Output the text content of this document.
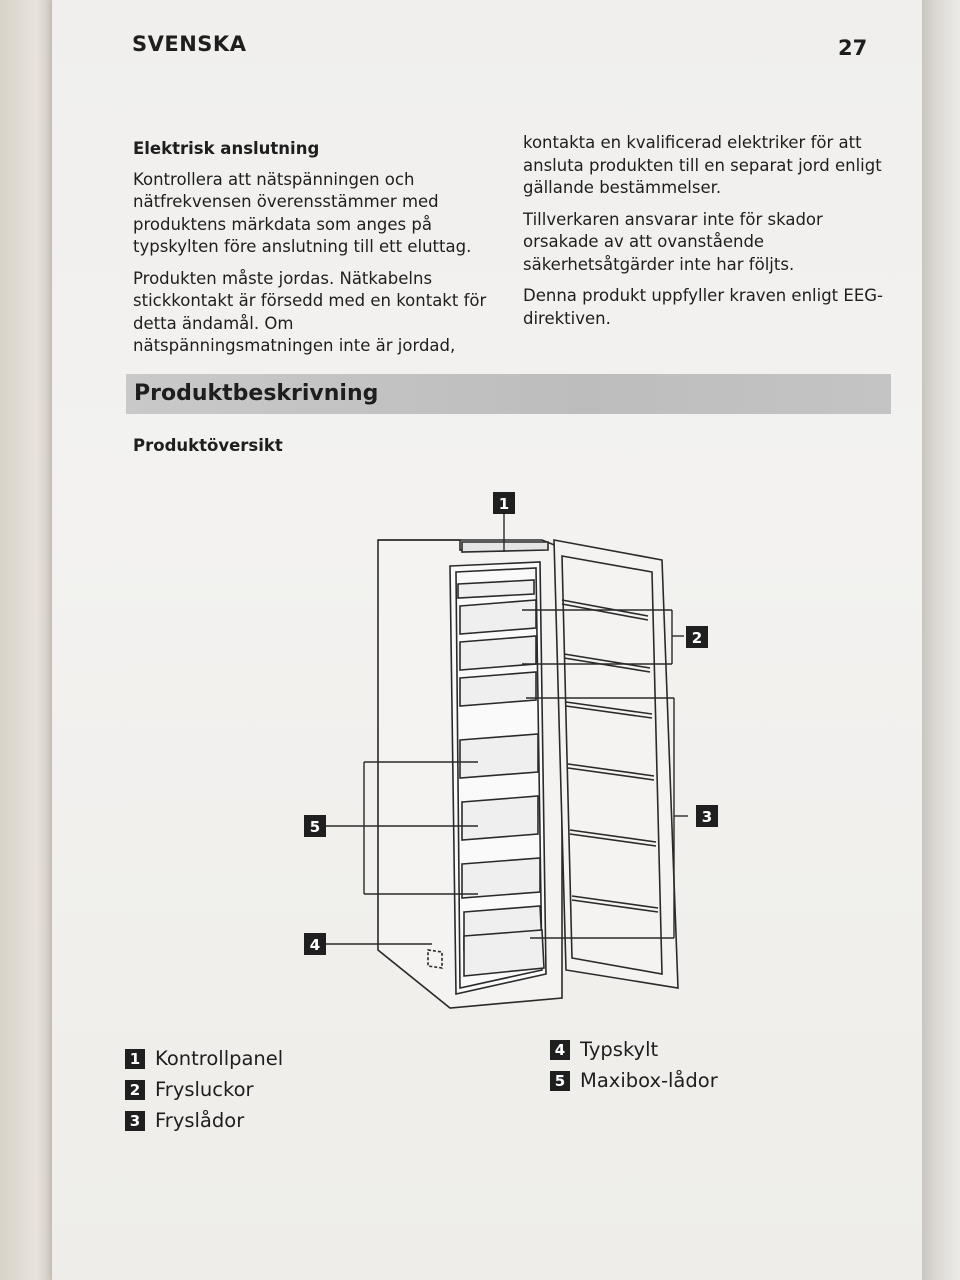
SVENSKA	27
Elektrisk anslutning

Kontrollera att nätspänningen och nätfrekvensen överensstämmer med produktens märkdata som anges på typskylten före anslutning till ett eluttag.

Produkten måste jordas. Nätkabelns stickkontakt är försedd med en kontakt för detta ändamål. Om nätspänningsmatningen inte är jordad,

kontakta en kvalificerad elektriker för att ansluta produkten till en separat jord enligt gällande bestämmelser.

Tillverkaren ansvarar inte för skador orsakade av att ovanstående säkerhetsåtgärder inte har följts.

Denna produkt uppfyller kraven enligt EEG-direktiven.

Produktbeskrivning
Produktöversikt
1
2
3
4
5
1 Kontrollpanel
2 Frysluckor
3 Fryslådor
4 Typskylt
5 Maxibox-lådor
